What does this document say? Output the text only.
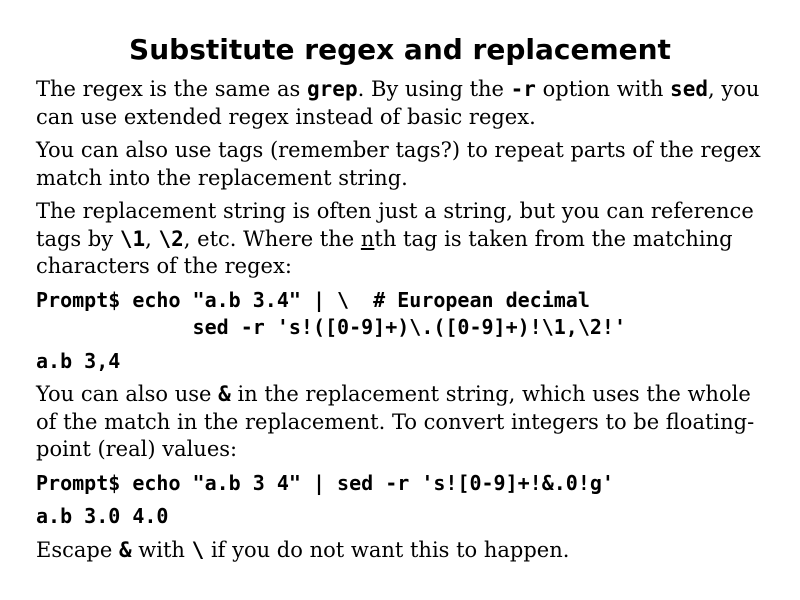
Substitute regex and replacement

The regex is the same as grep. By using the -r option with sed, you can use extended regex instead of basic regex.

You can also use tags (remember tags?) to repeat parts of the regex match into the replacement string.

The replacement string is often just a string, but you can reference tags by \1, \2, etc. Where the nth tag is taken from the matching characters of the regex:

Prompt$ echo "a.b 3.4" | \  # European decimal
sed -r 's!([0-9]+)\.([0-9]+)!\1,\2!'
a.b 3,4

You can also use & in the replacement string, which uses the whole of the match in the replacement. To convert integers to be floating-point (real) values:

Prompt$ echo "a.b 3 4" | sed -r 's![0-9]+!&.0!g'
a.b 3.0 4.0

Escape & with \ if you do not want this to happen.
